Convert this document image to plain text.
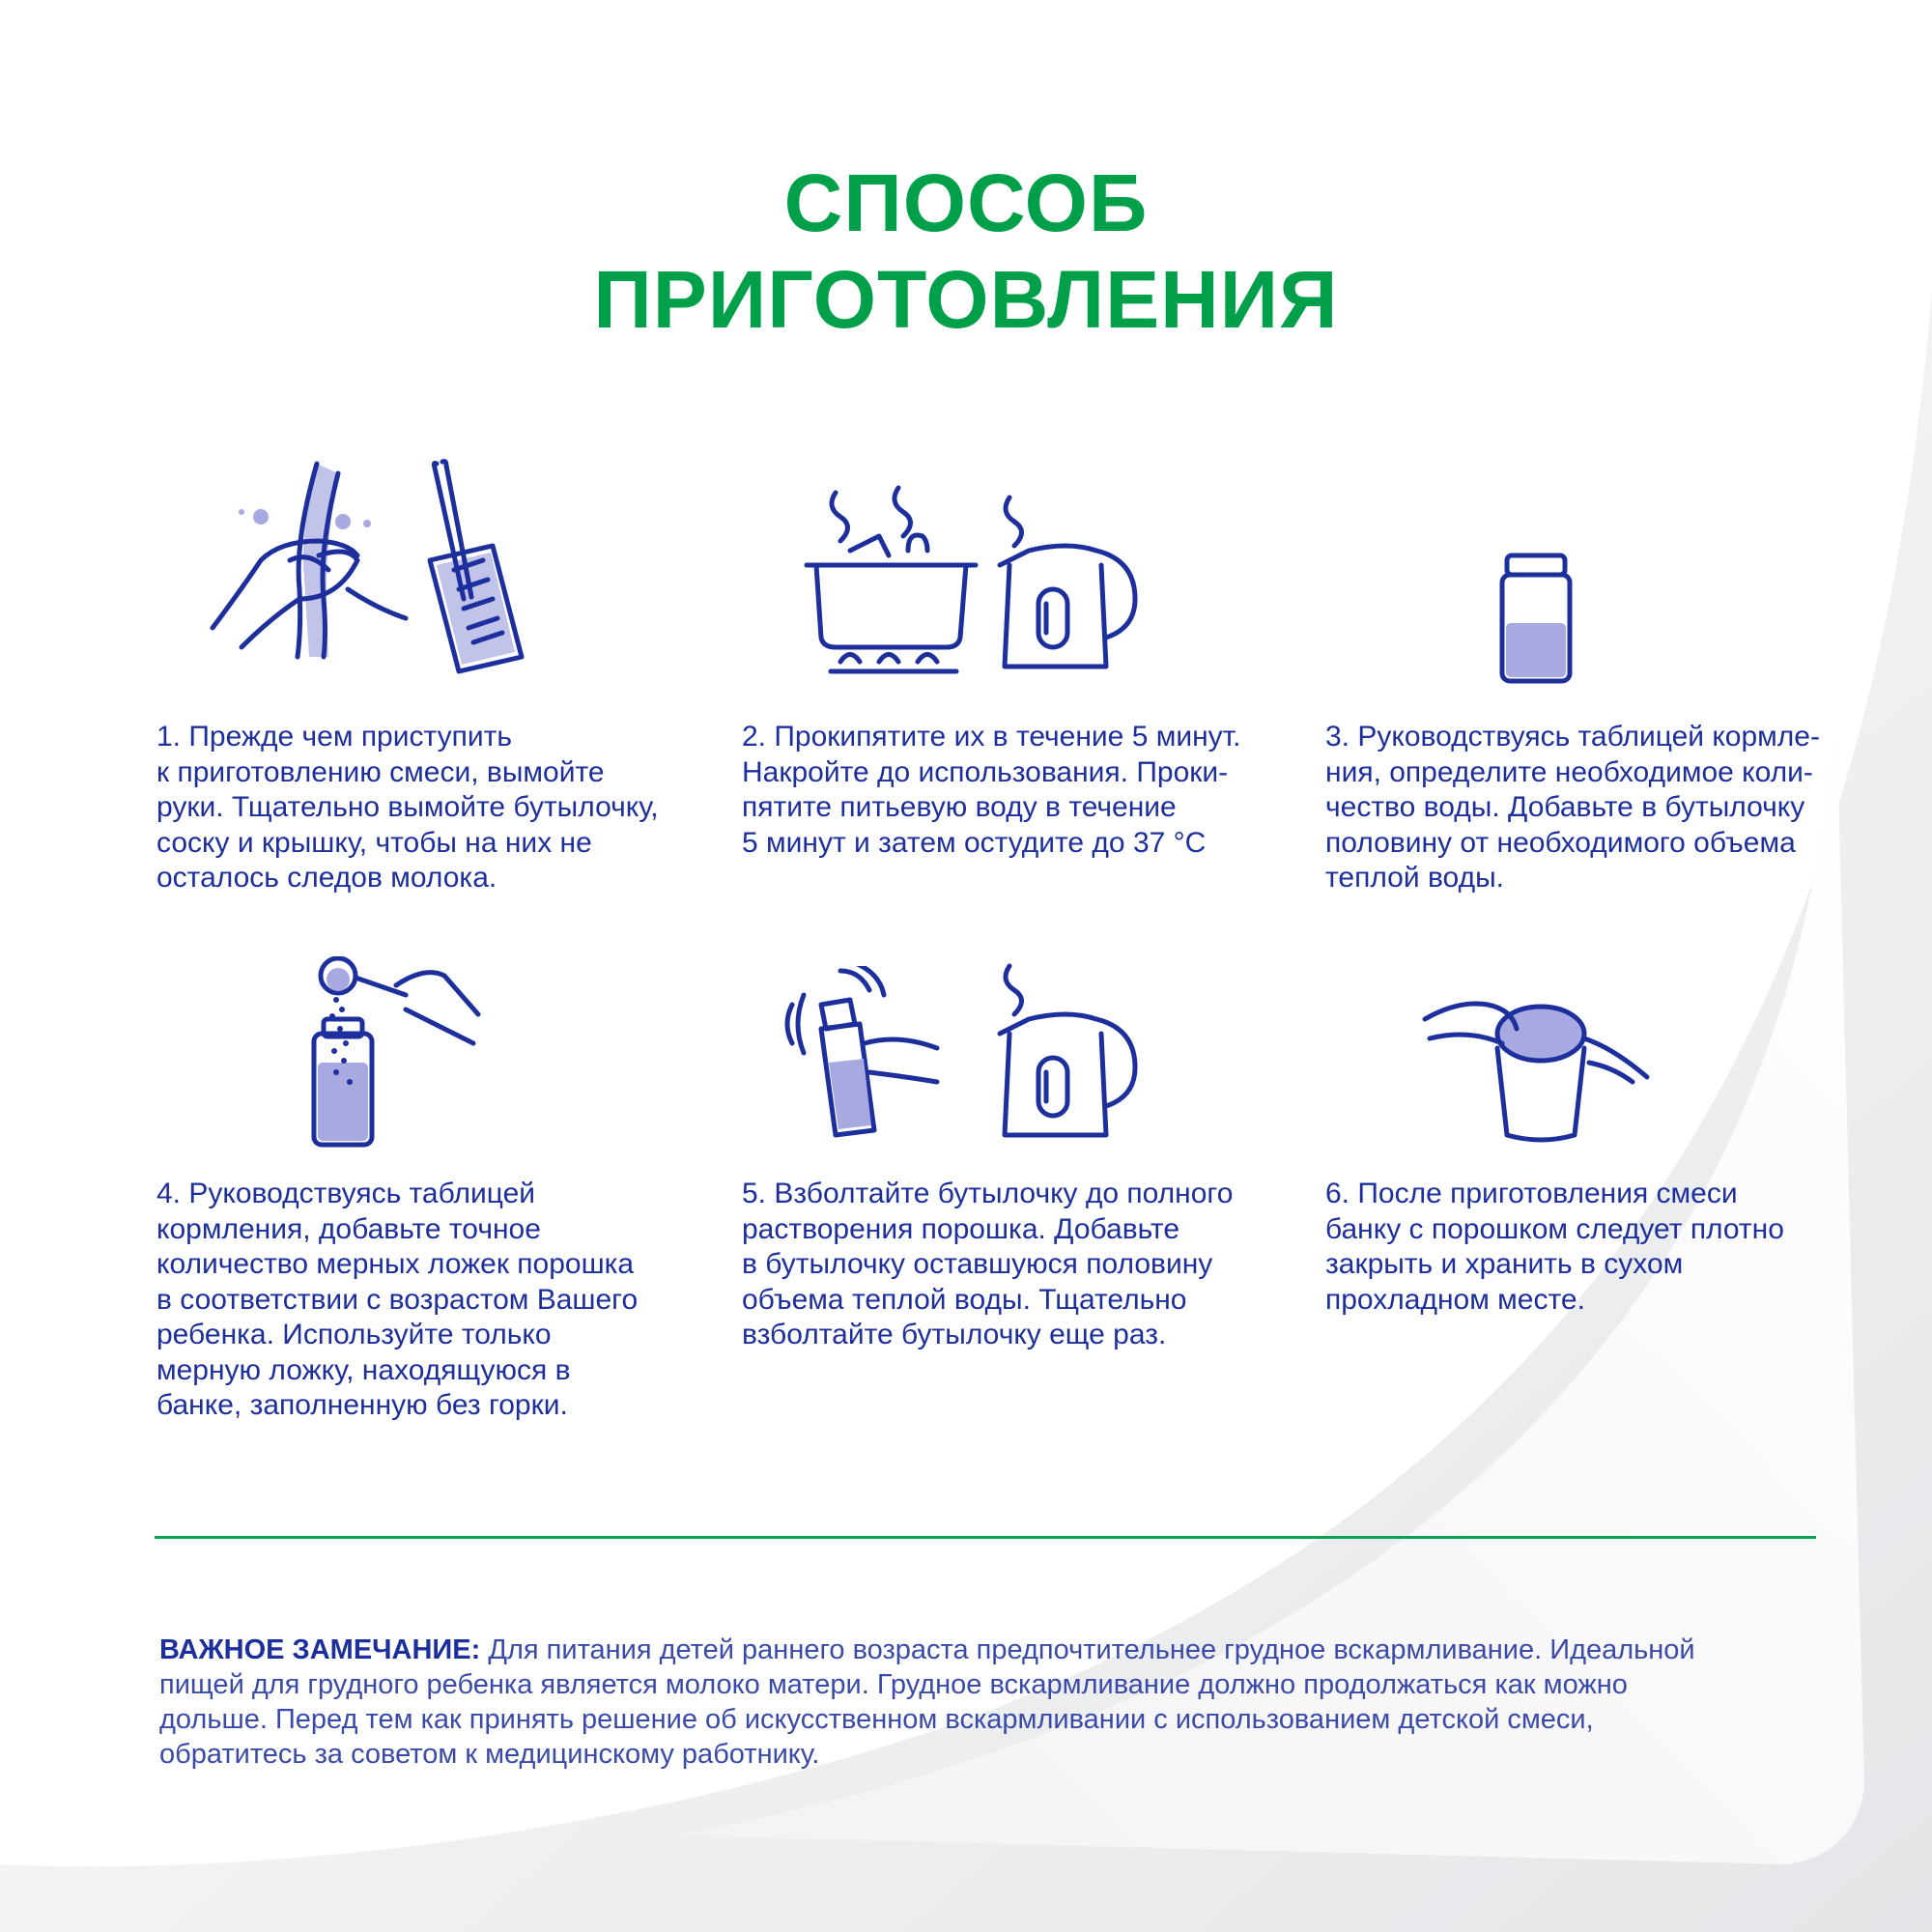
СПОСОБ
ПРИГОТОВЛЕНИЯ
1. Прежде чем приступить
к приготовлению смеси, вымойте
руки. Тщательно вымойте бутылочку,
соску и крышку, чтобы на них не
осталось следов молока.
2. Прокипятите их в течение 5 минут.
Накройте до использования. Проки-
пятите питьевую воду в течение
5 минут и затем остудите до 37 °С
3. Руководствуясь таблицей кормле-
ния, определите необходимое коли-
чество воды. Добавьте в бутылочку
половину от необходимого объема
теплой воды.
4. Руководствуясь таблицей
кормления, добавьте точное
количество мерных ложек порошка
в соответствии с возрастом Вашего
ребенка. Используйте только
мерную ложку, находящуюся в
банке, заполненную без горки.
5. Взболтайте бутылочку до полного
растворения порошка. Добавьте
в бутылочку оставшуюся половину
объема теплой воды. Тщательно
взболтайте бутылочку еще раз.
6. После приготовления смеси
банку с порошком следует плотно
закрыть и хранить в сухом
прохладном месте.
ВАЖНОЕ ЗАМЕЧАНИЕ: Для питания детей раннего возраста предпочтительнее грудное вскармливание. Идеальной
пищей для грудного ребенка является молоко матери. Грудное вскармливание должно продолжаться как можно
дольше. Перед тем как принять решение об искусственном вскармливании с использованием детской смеси,
обратитесь за советом к медицинскому работнику.
